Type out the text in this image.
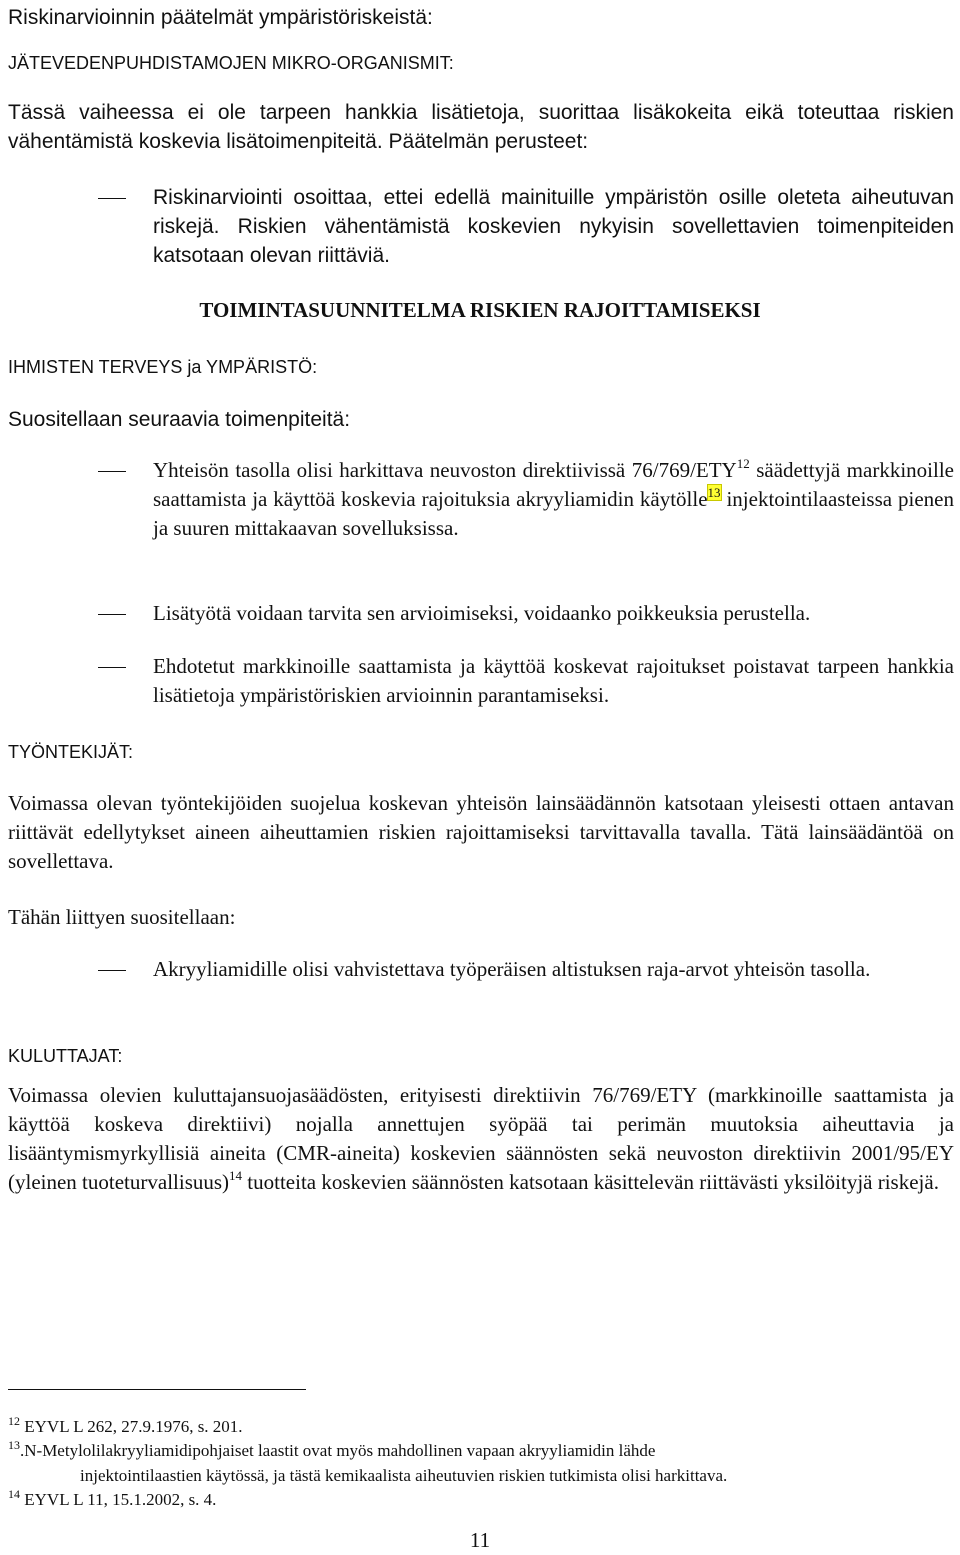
Riskinarvioinnin päätelmät ympäristöriskeistä:
JÄTEVEDENPUHDISTAMOJEN MIKRO-ORGANISMIT:
Tässä vaiheessa ei ole tarpeen hankkia lisätietoja, suorittaa lisäkokeita eikä toteuttaa riskien vähentämistä koskevia lisätoimenpiteitä. Päätelmän perusteet:
Riskinarviointi osoittaa, ettei edellä mainituille ympäristön osille oleteta aiheutuvan riskejä. Riskien vähentämistä koskevien nykyisin sovellettavien toimenpiteiden katsotaan olevan riittäviä.
TOIMINTASUUNNITELMA RISKIEN RAJOITTAMISEKSI
IHMISTEN TERVEYS ja YMPÄRISTÖ:
Suositellaan seuraavia toimenpiteitä:
Yhteisön tasolla olisi harkittava neuvoston direktiivissä 76/769/ETY$^{12}$ säädettyjä markkinoille saattamista ja käyttöä koskevia rajoituksia akryyliamidin käytölle$^{13}$ injektointilaasteissa pienen ja suuren mittakaavan sovelluksissa.
Lisätyötä voidaan tarvita sen arvioimiseksi, voidaanko poikkeuksia perustella.
Ehdotetut markkinoille saattamista ja käyttöä koskevat rajoitukset poistavat tarpeen hankkia lisätietoja ympäristöriskien arvioinnin parantamiseksi.
TYÖNTEKIJÄT:
Voimassa olevan työntekijöiden suojelua koskevan yhteisön lainsäädännön katsotaan yleisesti ottaen antavan riittävät edellytykset aineen aiheuttamien riskien rajoittamiseksi tarvittavalla tavalla. Tätä lainsäädäntöä on sovellettava.
Tähän liittyen suositellaan:
Akryyliamidille olisi vahvistettava työperäisen altistuksen raja-arvot yhteisön tasolla.
KULUTTAJAT:
Voimassa olevien kuluttajansuojasäädösten, erityisesti direktiivin 76/769/ETY (markkinoille saattamista ja käyttöä koskeva direktiivi) nojalla annettujen syöpää tai perimän muutoksia aiheuttavia ja lisääntymismyrkyllisiä aineita (CMR-aineita) koskevien säännösten sekä neuvoston direktiivin 2001/95/EY (yleinen tuoteturvallisuus)$^{14}$ tuotteita koskevien säännösten katsotaan käsittelevän riittävästi yksilöityjä riskejä.
$^{12}$ EYVL L 262, 27.9.1976, s. 201.
$^{13}$.N-Metylolilakryyliamidipohjaiset laastit ovat myös mahdollinen vapaan akryyliamidin lähde
injektointilaastien käytössä, ja tästä kemikaalista aiheutuvien riskien tutkimista olisi harkittava.
$^{14}$ EYVL L 11, 15.1.2002, s. 4.
11
